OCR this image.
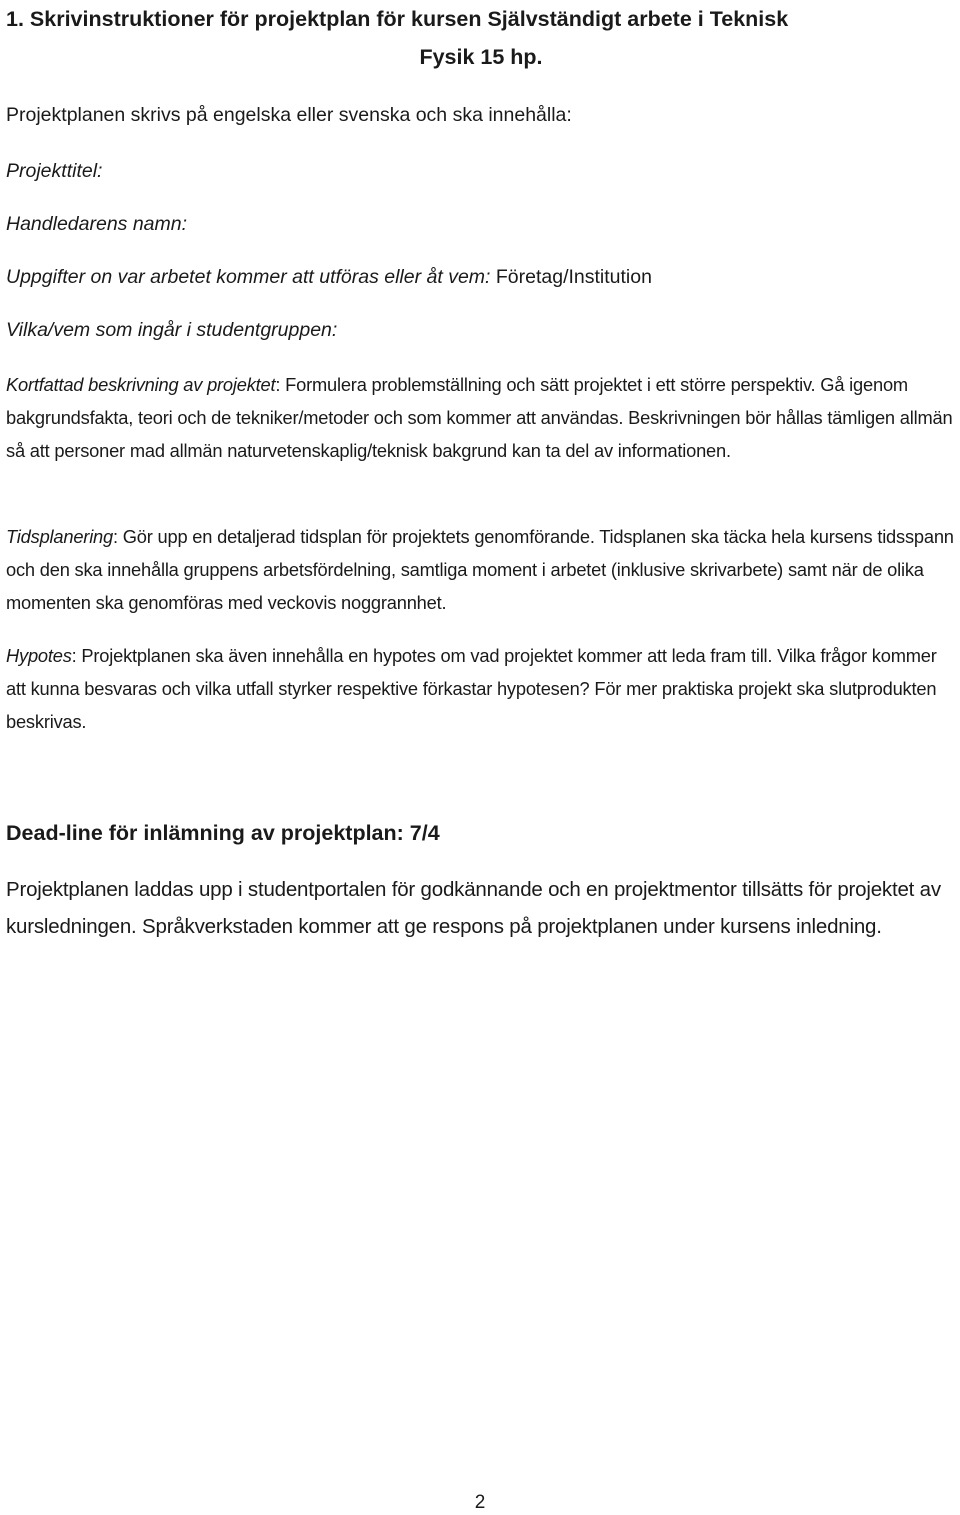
1. Skrivinstruktioner för projektplan för kursen Självständigt arbete i Teknisk
Fysik 15 hp.

Projektplanen skrivs på engelska eller svenska och ska innehålla:

Projekttitel:

Handledarens namn:

Uppgifter on var arbetet kommer att utföras eller åt vem: Företag/Institution

Vilka/vem som ingår i studentgruppen:

Kortfattad beskrivning av projektet: Formulera problemställning och sätt projektet i ett större perspektiv. Gå igenom bakgrundsfakta, teori och de tekniker/metoder och som kommer att användas. Beskrivningen bör hållas tämligen allmän så att personer mad allmän naturvetenskaplig/teknisk bakgrund kan ta del av informationen.

Tidsplanering: Gör upp en detaljerad tidsplan för projektets genomförande. Tidsplanen ska täcka hela kursens tidsspann och den ska innehålla gruppens arbetsfördelning, samtliga moment i arbetet (inklusive skrivarbete) samt när de olika momenten ska genomföras med veckovis noggrannhet.

Hypotes: Projektplanen ska även innehålla en hypotes om vad projektet kommer att leda fram till. Vilka frågor kommer att kunna besvaras och vilka utfall styrker respektive förkastar hypotesen? För mer praktiska projekt ska slutprodukten beskrivas.

Dead-line för inlämning av projektplan: 7/4

Projektplanen laddas upp i studentportalen för godkännande och en projektmentor tillsätts för projektet av kursledningen. Språkverkstaden kommer att ge respons på projektplanen under kursens inledning.

2
